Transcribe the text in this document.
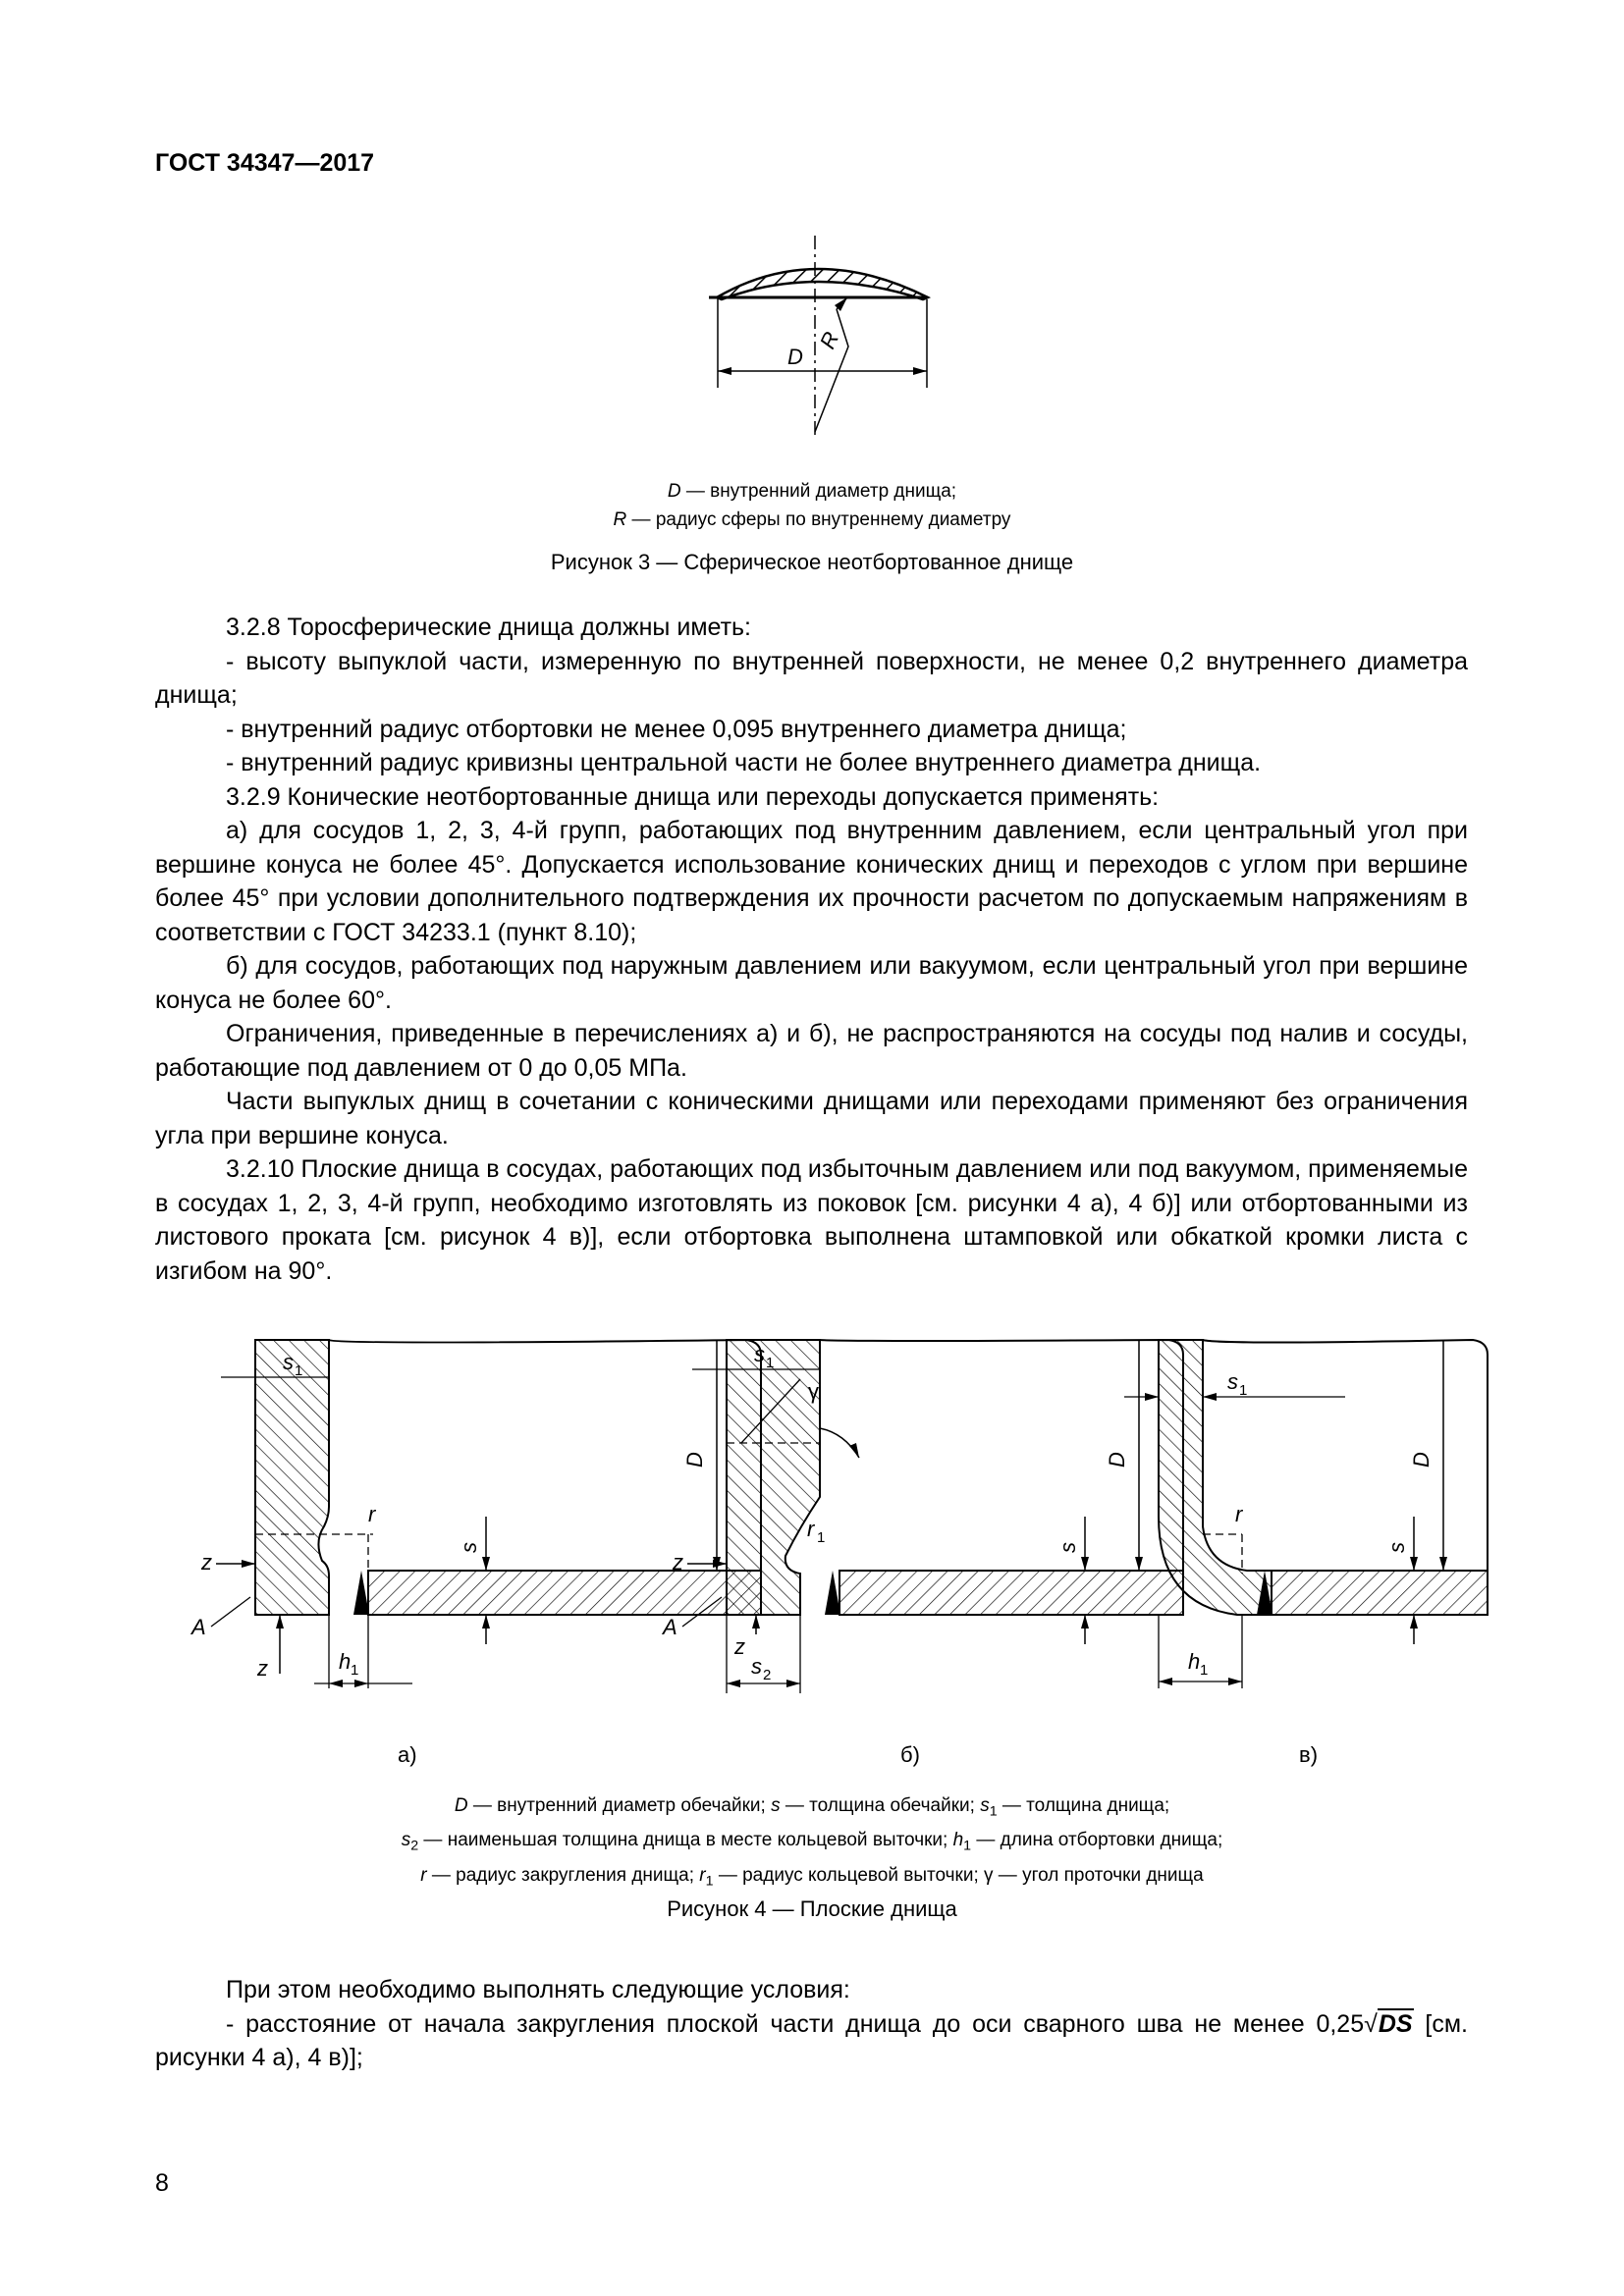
ГОСТ 34347—2017
D
R
D — внутренний диаметр днища;
R — радиус сферы по внутреннему диаметру
Рисунок 3 — Сферическое неотбортованное днище

3.2.8 Торосферические днища должны иметь:

- высоту выпуклой части, измеренную по внутренней поверхности, не менее 0,2 внутреннего диаметра днища;

- внутренний радиус отбортовки не менее 0,095 внутреннего диаметра днища;

- внутренний радиус кривизны центральной части не более внутреннего диаметра днища.

3.2.9 Конические неотбортованные днища или переходы допускается применять:

а) для сосудов 1, 2, 3, 4-й групп, работающих под внутренним давлением, если центральный угол при вершине конуса не более 45°. Допускается использование конических днищ и переходов с углом при вершине более 45° при условии дополнительного подтверждения их прочности расчетом по допускаемым напряжениям в соответствии с ГОСТ 34233.1 (пункт 8.10);

б) для сосудов, работающих под наружным давлением или вакуумом, если центральный угол при вершине конуса не более 60°.

Ограничения, приведенные в перечислениях а) и б), не распространяются на сосуды под налив и сосуды, работающие под давлением от 0 до 0,05 МПа.

Части выпуклых днищ в сочетании с коническими днищами или переходами применяют без ограничения угла при вершине конуса.

3.2.10 Плоские днища в сосудах, работающих под избыточным давлением или под вакуумом, применяемые в сосудах 1, 2, 3, 4-й групп, необходимо изготовлять из поковок [см. рисунки 4 а), 4 б)] или отбортованными из листового проката [см. рисунок 4 в)], если отбортовка выполнена штамповкой или обкаткой кромки листа с изгибом на 90°.

s 1
D
s
r
z
z
A
h 1
s 1
γ
D
s
r 1
z
z
A
s 2
s 1
D
s
r
h 1
а)	б)	в)
D — внутренний диаметр обечайки; s — толщина обечайки; $s_1$ — толщина днища;
$s_2$ — наименьшая толщина днища в месте кольцевой выточки; $h_1$ — длина отбортовки днища;
r — радиус закругления днища; $r_1$ — радиус кольцевой выточки; γ — угол проточки днища
Рисунок 4 — Плоские днища

При этом необходимо выполнять следующие условия:

- расстояние от начала закругления плоской части днища до оси сварного шва не менее 0,25√DS [см. рисунки 4 а), 4 в)];

8
